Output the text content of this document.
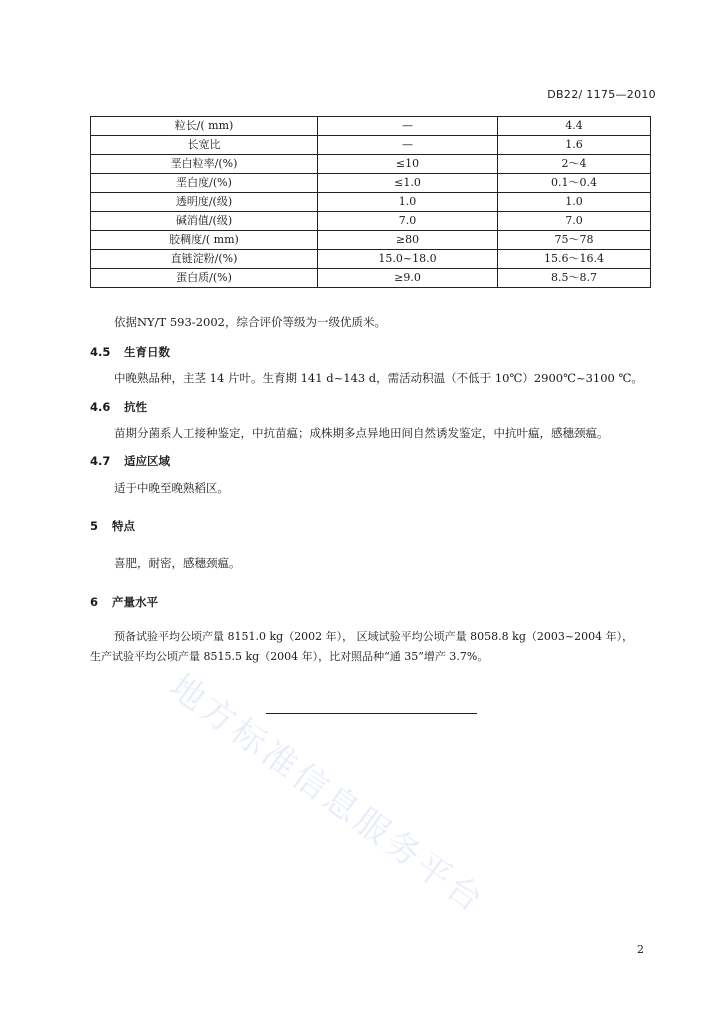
地方标准信息服务平台
DB22/ 1175—2010
粒长/( mm)	—	4.4
长宽比	—	1.6
垩白粒率/(%)	≤10	2～4
垩白度/(%)	≤1.0	0.1～0.4
透明度/(级)	1.0	1.0
碱消值/(级)	7.0	7.0
胶稠度/( mm)	≥80	75～78
直链淀粉/(%)	15.0~18.0	15.6～16.4
蛋白质/(%)	≥9.0	8.5～8.7
依据NY/T 593-2002，综合评价等级为一级优质米。
4.5 生育日数
中晚熟品种，主茎 14 片叶。生育期 141 d~143 d，需活动积温（不低于 10℃）2900℃~3100 ℃。
4.6 抗性
苗期分菌系人工接种鉴定，中抗苗瘟；成株期多点异地田间自然诱发鉴定，中抗叶瘟，感穗颈瘟。
4.7 适应区域
适于中晚至晚熟稻区。
5 特点
喜肥，耐密，感穗颈瘟。
6 产量水平
预备试验平均公顷产量 8151.0 kg（2002 年）， 区域试验平均公顷产量 8058.8 kg（2003~2004 年），
生产试验平均公顷产量 8515.5 kg（2004 年），比对照品种“通 35”增产 3.7%。
2
